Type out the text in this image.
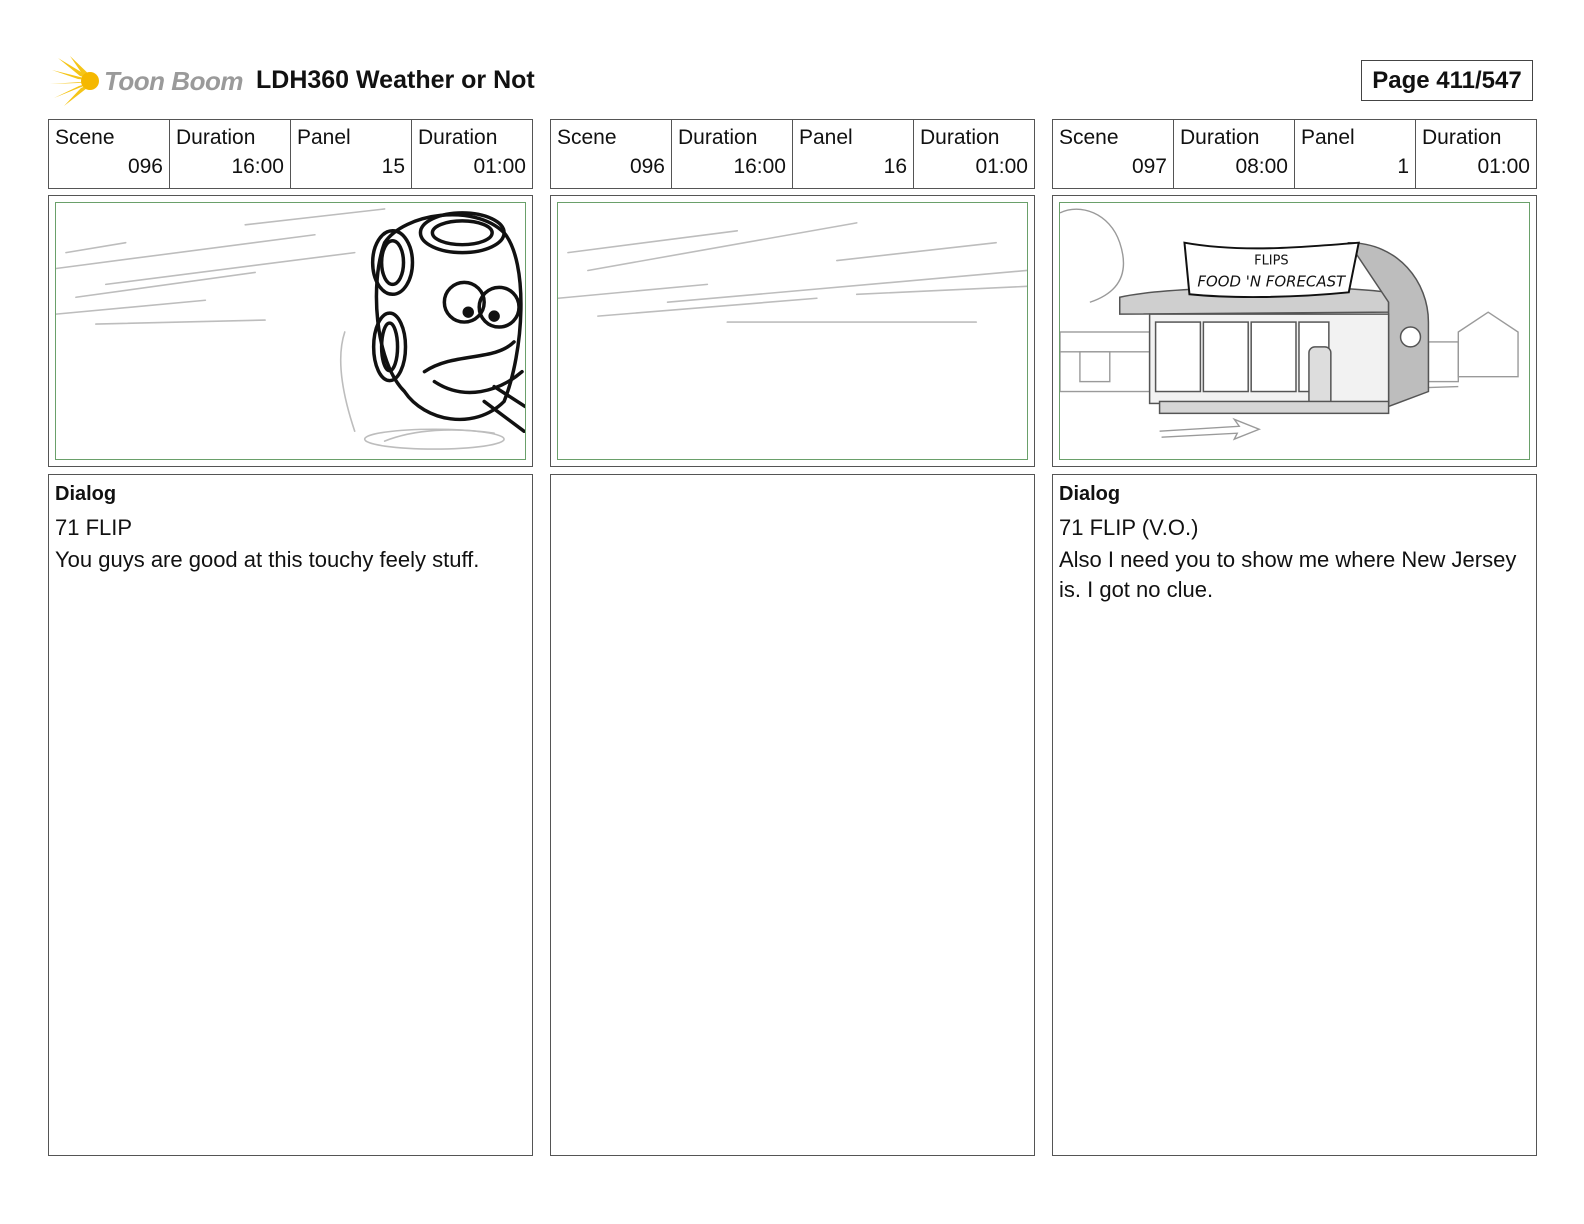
Toon Boom LDH360 Weather or Not	Page 411/547
Scene
096
Duration
16:00
Panel
15
Duration
01:00
Dialog
71 FLIP
You guys are good at this touchy feely stuff.
Scene
096
Duration
16:00
Panel
16
Duration
01:00
Scene
097
Duration
08:00
Panel
1
Duration
01:00
FLIPS
FOOD 'N FORECAST
Dialog
71 FLIP (V.O.)
Also I need you to show me where New Jersey is. I got no clue.
